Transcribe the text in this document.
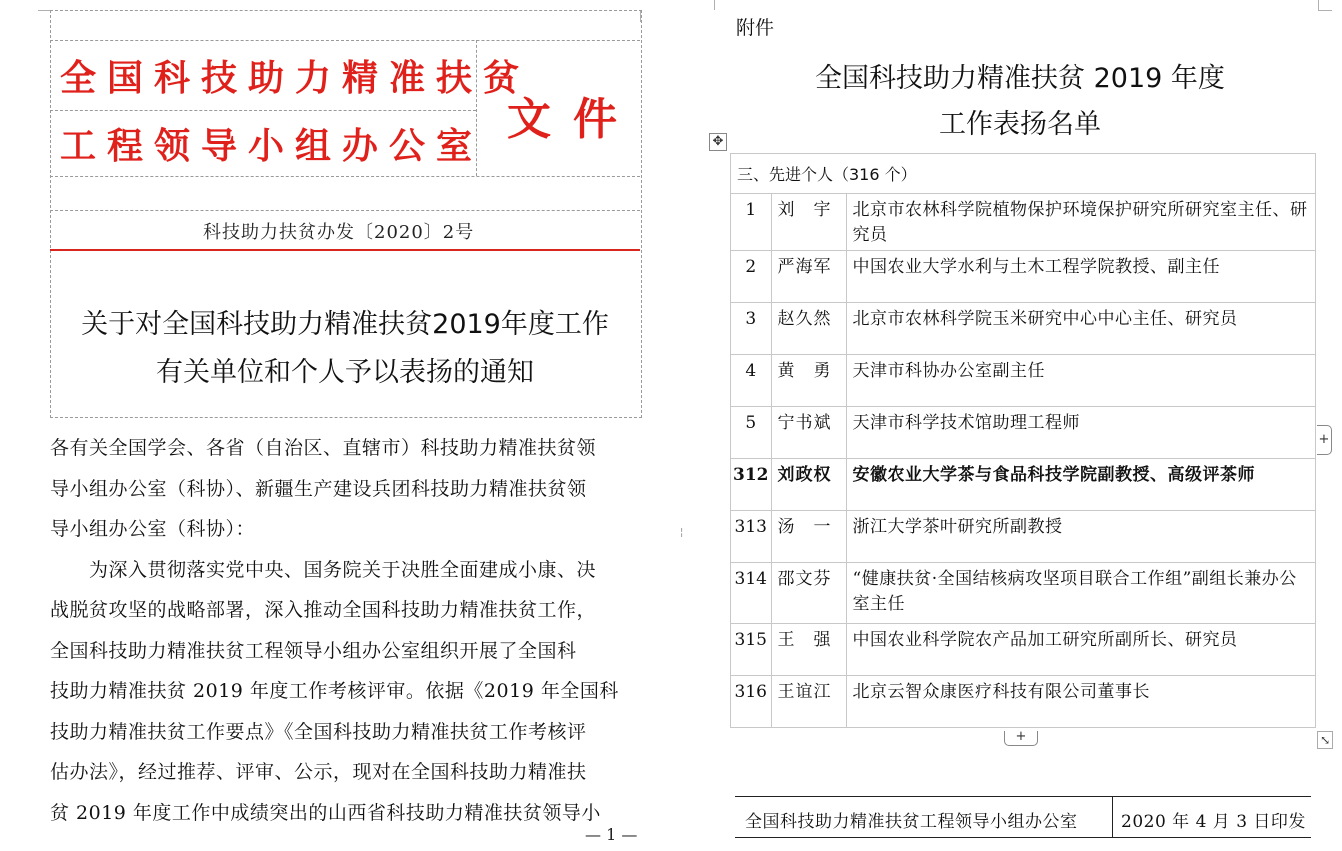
全国科技助力精准扶贫
工程领导小组办公室
文件
科技助力扶贫办发〔2020〕2号
关于对全国科技助力精准扶贫2019年度工作
有关单位和个人予以表扬的通知

各有关全国学会、各省（自治区、直辖市）科技助力精准扶贫领

导小组办公室（科协）、新疆生产建设兵团科技助力精准扶贫领

导小组办公室（科协）：

　　为深入贯彻落实党中央、国务院关于决胜全面建成小康、决

战脱贫攻坚的战略部署，深入推动全国科技助力精准扶贫工作，

全国科技助力精准扶贫工程领导小组办公室组织开展了全国科

技助力精准扶贫 2019 年度工作考核评审。依据《2019 年全国科

技助力精准扶贫工作要点》《全国科技助力精准扶贫工作考核评

估办法》，经过推荐、评审、公示，现对在全国科技助力精准扶

贫 2019 年度工作中成绩突出的山西省科技助力精准扶贫领导小

— 1 —
附件
全国科技助力精准扶贫 2019 年度
工作表扬名单
✥
三、先进个人（316 个）		
1	刘　宇	北京市农林科学院植物保护环境保护研究所研究室主任、研究员
2	严海军	中国农业大学水利与土木工程学院教授、副主任
3	赵久然	北京市农林科学院玉米研究中心中心主任、研究员
4	黄　勇	天津市科协办公室副主任
5	宁书斌	天津市科学技术馆助理工程师
312	刘政权	安徽农业大学茶与食品科技学院副教授、高级评茶师
313	汤　一	浙江大学茶叶研究所副教授
314	邵文芬	“健康扶贫·全国结核病攻坚项目联合工作组”副组长兼办公室主任
315	王　强	中国农业科学院农产品加工研究所副所长、研究员
316	王谊江	北京云智众康医疗科技有限公司董事长
+
+
⤡
¦
全国科技助力精准扶贫工程领导小组办公室	2020 年 4 月 3 日印发
